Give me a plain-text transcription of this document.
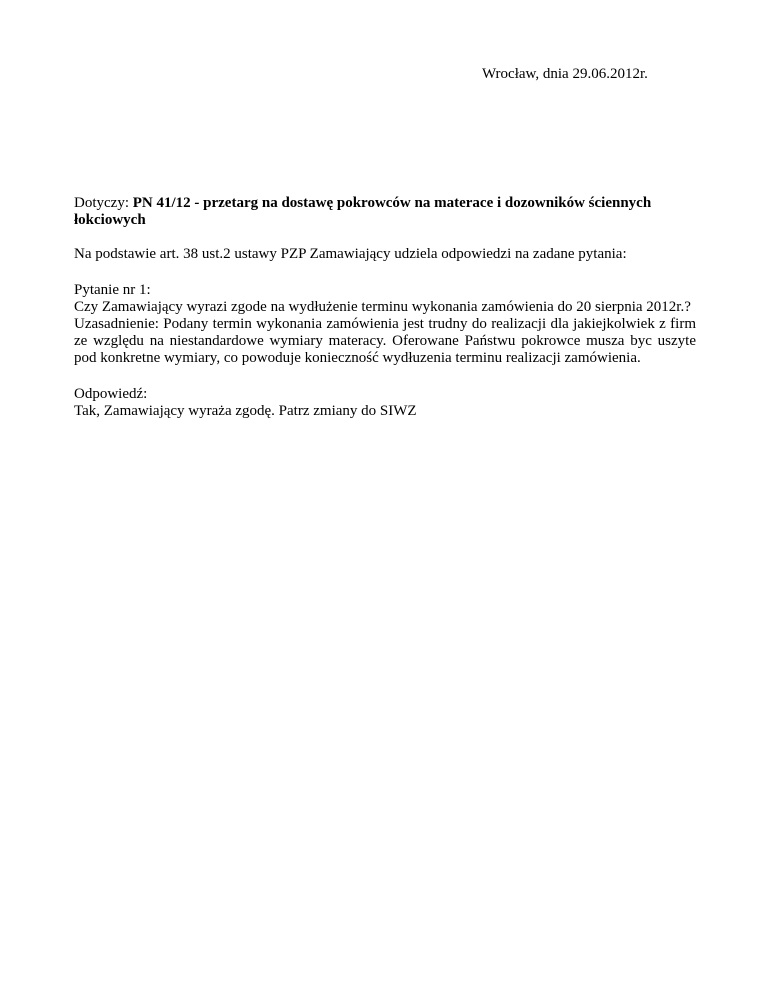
Wrocław, dnia 29.06.2012r.

Dotyczy: PN 41/12 - przetarg na dostawę pokrowców na materace i dozowników ściennych łokciowych

Na podstawie art. 38 ust.2 ustawy PZP Zamawiający udziela odpowiedzi na zadane pytania:

Pytanie nr 1:

Czy Zamawiający wyrazi zgode na wydłużenie terminu wykonania zamówienia do 20 sierpnia 2012r.?

Uzasadnienie: Podany termin wykonania zamówienia jest trudny do realizacji dla jakiejkolwiek z firm ze względu na niestandardowe wymiary materacy. Oferowane Państwu pokrowce musza byc uszyte pod konkretne wymiary, co powoduje konieczność wydłuzenia terminu realizacji zamówienia.

Odpowiedź:

Tak, Zamawiający wyraża zgodę. Patrz zmiany do SIWZ
